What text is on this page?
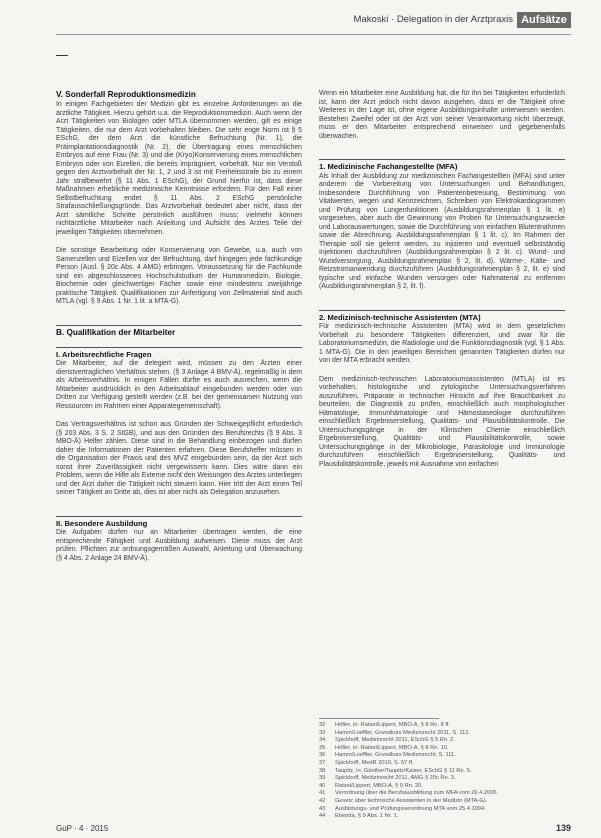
Makoski · Delegation in der Arztpraxis Aufsätze
V. Sonderfall Reproduktionsmedizin
In einigen Fachgebieten der Medizin gibt es einzelne Anforderungen an die ärztliche Tätigkeit. Hierzu gehört u.a. die Reproduktionsmedizin. Auch wenn der Arzt Tätigkeiten von Biologen oder MTLA übernommen werden, gilt es einige Tätigkeiten, die nur dem Arzt vorbehalten bleiben. Die sehr enge Norm ist § 5 ESchG, der dem Arzt die künstliche Befruchtung (Nr. 1), die Präimplantationsdiagnostik (Nr. 2), die Übertragung eines menschlichen Embryos auf eine Frau (Nr. 3) und die (Kryo)Konservierung eines menschlichen Embryos oder von Eizellen, die bereits imprägniert, vorbehält. Nur ein Verstoß gegen den Arztvorbehalt der Nr. 1, 2 und 3 ist mit Freiheitsstrafe bis zu einem Jahr strafbewehrt (§ 11 Abs. 1 ESchG), der Grund hierfür ist, dass diese Maßnahmen erhebliche medizinische Kenntnisse erfordern. Für den Fall einer Selbstbefruchtung endet § 11 Abs. 2 ESchG persönliche Strafausschließungsgründe. Das Arztvorbehalt bedeutet aber nicht, dass der Arzt sämtliche Schritte persönlich ausführen muss; vielmehr können nichtärztliche Mitarbeiter nach Anleitung und Aufsicht des Arztes Teile der jeweiligen Tätigkeiten übernehmen.
Die sonstige Bearbeitung oder Konservierung von Gewebe, u.a. auch von Samenzellen und Eizellen vor der Befruchtung, darf hingegen jede fachkundige Person (Ausl. § 20c Abs. 4 AMG) erbringen. Voraussetzung für die Fachkunde sind ein abgeschlossenes Hochschulstudium der Humanmedizin, Biologie, Biochemie oder gleichwertiger Fächer sowie eine mindestens zweijährige praktische Tätigkeit. Qualifikationen zur Anfertigung von Zellmaterial sind auch MTLA (vgl. § 9 Abs. 1 Nr. 1 lit. a MTA-G).
B. Qualifikation der Mitarbeiter
I. Arbeitsrechtliche Fragen
Die Mitarbeiter, auf die delegiert wird, müssen zu den Ärzten einer dienstvertraglichen Verhältnis stehen. (§ 3 Anlage 4 BMV-Ä), regelmäßig in dem als Arbeitsverhältnis. In einigen Fällen dürfte es auch ausreichen, wenn die Mitarbeiter ausdrücklich in den Arbeitsablauf eingebunden werden oder von Dritten zur Verfügung gestellt werden (z.B. bei der gemeinsamen Nutzung von Ressourcen im Rahmen einer Apparategemeinschaft).
Das Vertragsverhältnis ist schon aus Gründen der Schweigepflicht erforderlich (§ 203 Abs. 3 S. 2 StGB), und aus den Gründen des Berufsrechts (§ 9 Abs. 3 MBO-Ä) Helfer zählen. Diese sind in die Behandlung einbezogen und dürfen daher die Informationen der Patienten erfahren. Diese Berufshelfer müssen in die Organisation der Praxis und des MVZ eingebunden sein, da der Arzt sich sonst ihrer Zuverlässigkeit nicht vergewissern kann. Dies wäre dann ein Problem, wenn die Hilfe als Externe nicht den Weisungen des Arztes unterliegen und der Arzt daher die Tätigkeit nicht steuern kann. Hier tritt der Arzt einen Teil seiner Tätigkeit an Dritte ab, dies ist aber nicht als Delegation anzusehen.
II. Besondere Ausbildung
Die Aufgaben dürfen nur an Mitarbeiter übertragen werden, die eine entsprechende Fähigkeit und Ausbildung aufweisen. Diese muss der Arzt prüfen. Pflichten zur ordnungsgemäßen Auswahl, Anleitung und Überwachung (§ 4 Abs. 2 Anlage 24 BMV-Ä).
Wenn ein Mitarbeiter eine Ausbildung hat, die für ihn bei Tätigkeiten erforderlich ist, kann der Arzt jedoch nicht davon ausgehen, dass er die Tätigkeit ohne Weiteres in der Lage ist, ohne eigene Ausbildungsinhalte unterwiesen werden. Bestehen Zweifel oder ist der Arzt von seiner Verantwortung nicht überzeugt, muss er den Mitarbeiter entsprechend einweisen und gegebenenfalls überwachen.
1. Medizinische Fachangestellte (MFA)
Als Inhalt der Ausbildung zur medizinischen Fachangestellten (MFA) sind unter anderem die Vorbereitung von Untersuchungen und Behandlungen, insbesondere Durchführung von Patientenbetreuung, Bestimmung von Vitalwerten, wegen und Kennzeichnen, Schreiben von Elektrokardiogrammen und Prüfung von Lungenfunktionen (Ausbildungsrahmenplan § 1 lit. e) vorgesehen, aber auch die Gewinnung von Proben für Untersuchungszwecke und Laborauswertungen, sowie die Durchführung von einfachen Blutentnahmen sowie die Abrechnung. Ausbildungsrahmenplan § 1 lit. c). Im Rahmen der Therapie soll sie gelernt werden, zu injizieren und eventuell selbstständig Injektionen durchzuführen (Ausbildungsrahmenplan § 2 lit. c). Wund- und Wundversorgung, Ausbildungsrahmenplan § 2, lit. d). Wärme-, Kälte- und Reizstromanwendung durchzuführen (Ausbildungsrahmenplan § 2, lit. e) sind typische und einfache Wunden versorgen oder Nahmaterial zu entfernen (Ausbildungsrahmenplan § 2, lit. f).
2. Medizinisch-technische Assistenten (MTA)
Für medizinisch-technische Assistenten (MTA) wird in dem gesetzlichen Vorbehalt zu besondere Tätigkeiten differenziert, und zwar für die Laboratoriumsmedizin, die Radiologie und die Funktionsdiagnostik (vgl. § 1 Abs. 1 MTA-G). Die in den jeweiligen Bereichen genannten Tätigkeiten dürfen nur von der MTA erbracht werden.
Dem medizinisch-technischen Laboratoriumsassistenten (MTLA) ist es vorbehalten, histologische und zytologische Untersuchungsverfahren auszuführen, Präparate in technischer Hinsicht auf ihre Brauchbarkeit zu beurteilen, die Diagnostik zu prüfen, einschließlich auch morphologischer Hämatologie, Immunhämatologie und Hämostaseologie durchzuführen einschließlich Ergebniserstellung, Qualitäts- und Plausibilitätskontrolle. Die Untersuchungsgänge in der Klinischen Chemie einschließlich Ergebniserstellung, Qualitäts- und Plausibilitätskontrolle, sowie Untersuchungsgänge in der Mikrobiologie, Parasitologie und Immunologie durchzuführen einschließlich Ergebniserstellung, Qualitäts- und Plausibilitätskontrolle, jeweils mit Ausnahme von einfachen
32	Höfler, in: Ratzel/Lippert, MBO-Ä, § 8 Rn. 8 ff.
33	Hamm/Loeffler, Grundkurs Medizinrecht 2011, S. 112.
34	Spickhoff, Medizinrecht 2011, ESchG § 5 Rn. 2.
35	Höfler, in: Ratzel/Lippert, MBO-Ä, § 8 Rn. 10.
36	Hamm/Loeffler, Grundkurs Medizinrecht, S. 111.
37	Spickhoff, MedR 2010, S. 57 ff.
38	Taupitz, in: Günther/Taupitz/Kaiser, ESchG § 11 Rn. 5.
39	Spickhoff, Medizinrecht 2011, AMG § 20c Rn. 3.
40	Ratzel/Lippert, MBO-Ä, § 9 Rn. 20.
41	Verordnung über die Berufsausbildung zum MFA vom 26.4.2006.
42	Gesetz über technische Assistenten in der Medizin (MTA-G).
43	Ausbildungs- und Prüfungsverordnung MTA vom 25.4.1994.
44	Ebenda, § 9 Abs. 1 Nr. 1.
GuP · 4 · 2015	139
